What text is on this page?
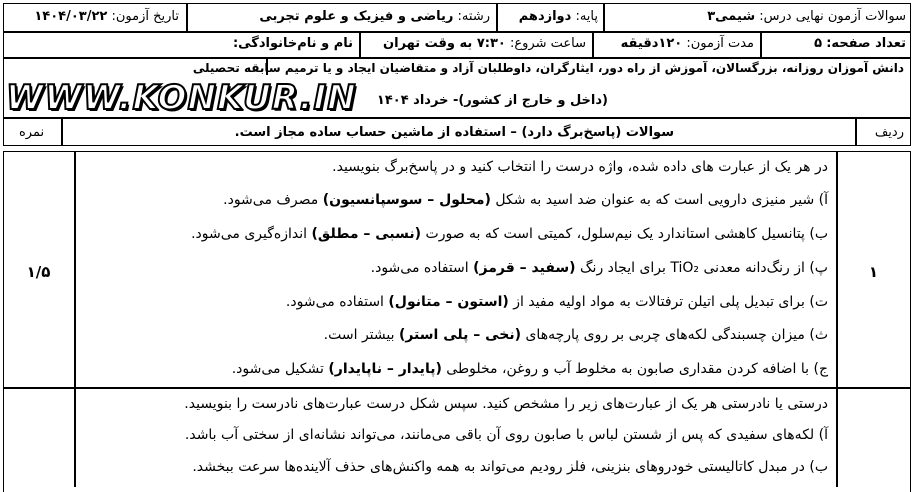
سوالات آزمون نهایی درس: شیمی۳
پایه: دوازدهم
رشته: ریاضی و فیزیک و علوم تجربی
تاریخ آزمون: ۱۴۰۴/۰۳/۲۲
تعداد صفحه: ۵
مدت آزمون: ۱۲۰دقیقه
ساعت شروع: ۷:۳۰ به وقت تهران
نام و نام‌خانوادگی:
دانش آموزان روزانه، بزرگسالان، آموزش از راه دور، ایثارگران، داوطلبان آزاد و متقاضیان ایجاد و یا ترمیم سابقه تحصیلی
(داخل و خارج از کشور)- خرداد ۱۴۰۴
WWW.KONKUR.IN
ردیف
سوالات (پاسخ‌برگ دارد) – استفاده از ماشین حساب ساده مجاز است.
نمره
۱
۱/۵
در هر یک از عبارت های داده شده، واژه درست را انتخاب کنید و در پاسخ‌برگ بنویسید.
آ) شیر منیزی دارویی است که به عنوان ضد اسید به شکل (محلول – سوسپانسیون) مصرف می‌شود.
ب) پتانسیل کاهشی استاندارد یک نیم‌سلول، کمیتی است که به صورت (نسبی – مطلق) اندازه‌گیری می‌شود.
پ) از رنگ‌دانه معدنی TiO₂ برای ایجاد رنگ (سفید – قرمز) استفاده می‌شود.
ت) برای تبدیل پلی اتیلن ترفتالات به مواد اولیه مفید از (استون – متانول) استفاده می‌شود.
ث) میزان چسبندگی لکه‌های چربی بر روی پارچه‌های (نخی – پلی استر) بیشتر است.
ج) با اضافه کردن مقداری صابون به مخلوط آب و روغن، مخلوطی (پایدار – ناپایدار) تشکیل می‌شود.
درستی یا نادرستی هر یک از عبارت‌های زیر را مشخص کنید. سپس شکل درست عبارت‌های نادرست را بنویسید.
آ) لکه‌های سفیدی که پس از شستن لباس با صابون روی آن باقی می‌مانند، می‌تواند نشانه‌ای از سختی آب باشد.
ب) در مبدل کاتالیستی خودروهای بنزینی، فلز رودیم می‌تواند به همه واکنش‌های حذف آلاینده‌ها سرعت ببخشد.
